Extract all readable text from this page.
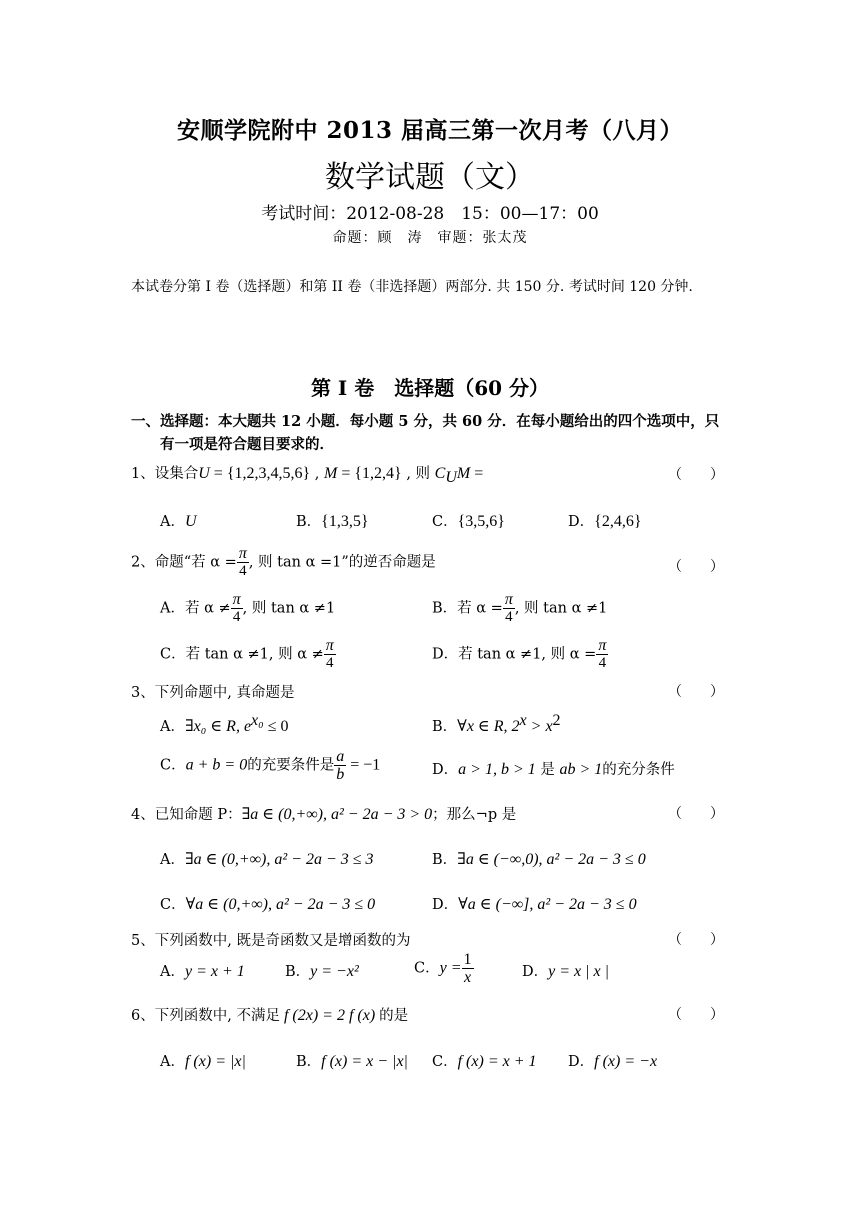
安顺学院附中 2013 届高三第一次月考（八月）
数学试题（文）
考试时间：2012-08-28　15：00—17：00
命题：顾　涛　审题：张太茂
本试卷分第 I 卷（选择题）和第 II 卷（非选择题）两部分. 共 150 分. 考试时间 120 分钟.
第 I 卷　选择题（60 分）
一、选择题：本大题共 12 小题．每小题 5 分，共 60 分．在每小题给出的四个选项中，只
有一项是符合题目要求的．
1、设集合U = {1,2,3,4,5,6} , M = {1,2,4} , 则 $C_UM$ =	（　　）
A．U	B．{1,3,5}	C．{3,5,6}	D．{2,4,6}
2、命题“若 $\alpha = \frac{\pi}{4}$ , 则 tan α =1”的逆否命题是	（　　）
A．若 $\alpha \ne \frac{\pi}{4}$ , 则 tan α ≠1	B．若 $\alpha = \frac{\pi}{4}$ , 则 tan α ≠1
C．若 tan α ≠1, 则 $\alpha \ne \frac{\pi}{4}$	D．若 tan α ≠1, 则 $\alpha = \frac{\pi}{4}$
3、下列命题中, 真命题是	（　　）
A．∃x₀ ∈ R, $e^{x_0} \le 0$	B．∀x ∈ R, $2^x > x^2$
C．a + b = 0的充要条件是 $\frac{a}{b} = -1$	D．a > 1, b > 1 是 ab > 1的充分条件
4、已知命题 P：∃a ∈ (0,+∞), a² − 2a − 3 > 0；那么¬p 是	（　　）
A．∃a ∈ (0,+∞), a² − 2a − 3 ≤ 3	B．∃a ∈ (−∞,0), a² − 2a − 3 ≤ 0
C．∀a ∈ (0,+∞), a² − 2a − 3 ≤ 0	D．∀a ∈ (−∞], a² − 2a − 3 ≤ 0
5、下列函数中, 既是奇函数又是增函数的为	（　　）
A．y = x + 1	B．y = −x²	C．$y = \frac{1}{x}$	D．y = x | x |
6、下列函数中, 不满足 f (2x) = 2 f (x) 的是	（　　）
A．f (x) = |x|	B．f (x) = x − |x| C．f (x) = x + 1 D．f (x) = −x
